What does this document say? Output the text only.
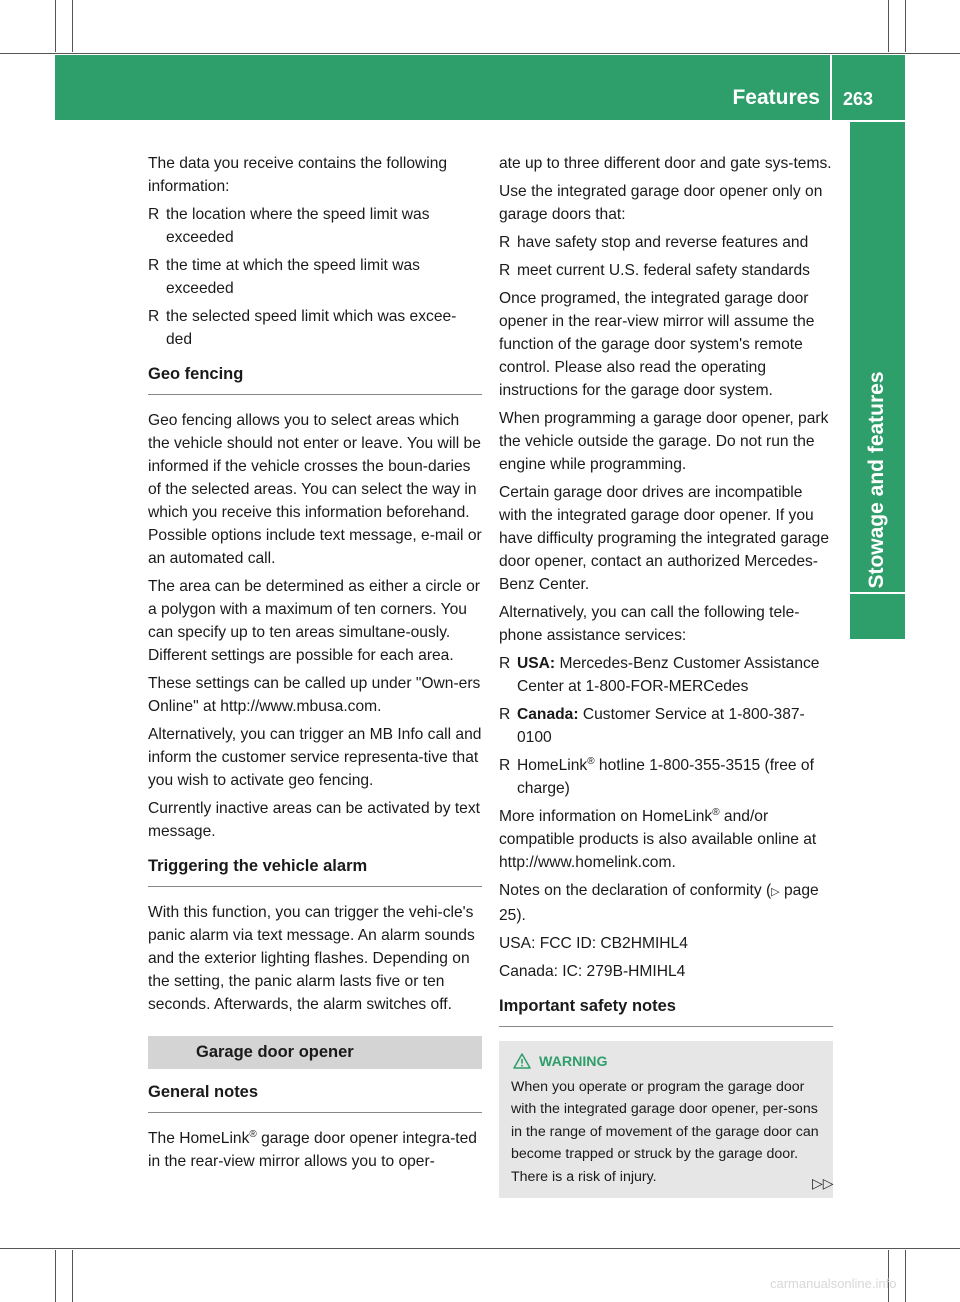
Features 263
Stowage and features

The data you receive contains the following information:

R the location where the speed limit was exceeded
R the time at which the speed limit was exceeded
R the selected speed limit which was excee-ded
Geo fencing

Geo fencing allows you to select areas which the vehicle should not enter or leave. You will be informed if the vehicle crosses the boun-daries of the selected areas. You can select the way in which you receive this information beforehand. Possible options include text message, e-mail or an automated call.

The area can be determined as either a circle or a polygon with a maximum of ten corners. You can specify up to ten areas simultane-ously. Different settings are possible for each area.

These settings can be called up under "Own-ers Online" at http://www.mbusa.com.

Alternatively, you can trigger an MB Info call and inform the customer service representa-tive that you wish to activate geo fencing.

Currently inactive areas can be activated by text message.

Triggering the vehicle alarm

With this function, you can trigger the vehi-cle's panic alarm via text message. An alarm sounds and the exterior lighting flashes. Depending on the setting, the panic alarm lasts five or ten seconds. Afterwards, the alarm switches off.

Garage door opener
General notes

The HomeLink® garage door opener integra-ted in the rear-view mirror allows you to oper-

ate up to three different door and gate sys-tems.

Use the integrated garage door opener only on garage doors that:

R have safety stop and reverse features and
R meet current U.S. federal safety standards

Once programed, the integrated garage door opener in the rear-view mirror will assume the function of the garage door system's remote control. Please also read the operating instructions for the garage door system.

When programming a garage door opener, park the vehicle outside the garage. Do not run the engine while programming.

Certain garage door drives are incompatible with the integrated garage door opener. If you have difficulty programing the integrated garage door opener, contact an authorized Mercedes-Benz Center.

Alternatively, you can call the following tele-phone assistance services:

R USA: Mercedes-Benz Customer Assistance Center at 1-800-FOR-MERCedes
R Canada: Customer Service at 1-800-387-0100
R HomeLink® hotline 1-800-355-3515 (free of charge)

More information on HomeLink® and/or compatible products is also available online at http://www.homelink.com.

Notes on the declaration of conformity (▷ page 25).

USA: FCC ID: CB2HMIHL4

Canada: IC: 279B-HMIHL4

Important safety notes
WARNING
When you operate or program the garage door with the integrated garage door opener, per-sons in the range of movement of the garage door can become trapped or struck by the garage door. There is a risk of injury.	▷▷
carmanualsonline.info
